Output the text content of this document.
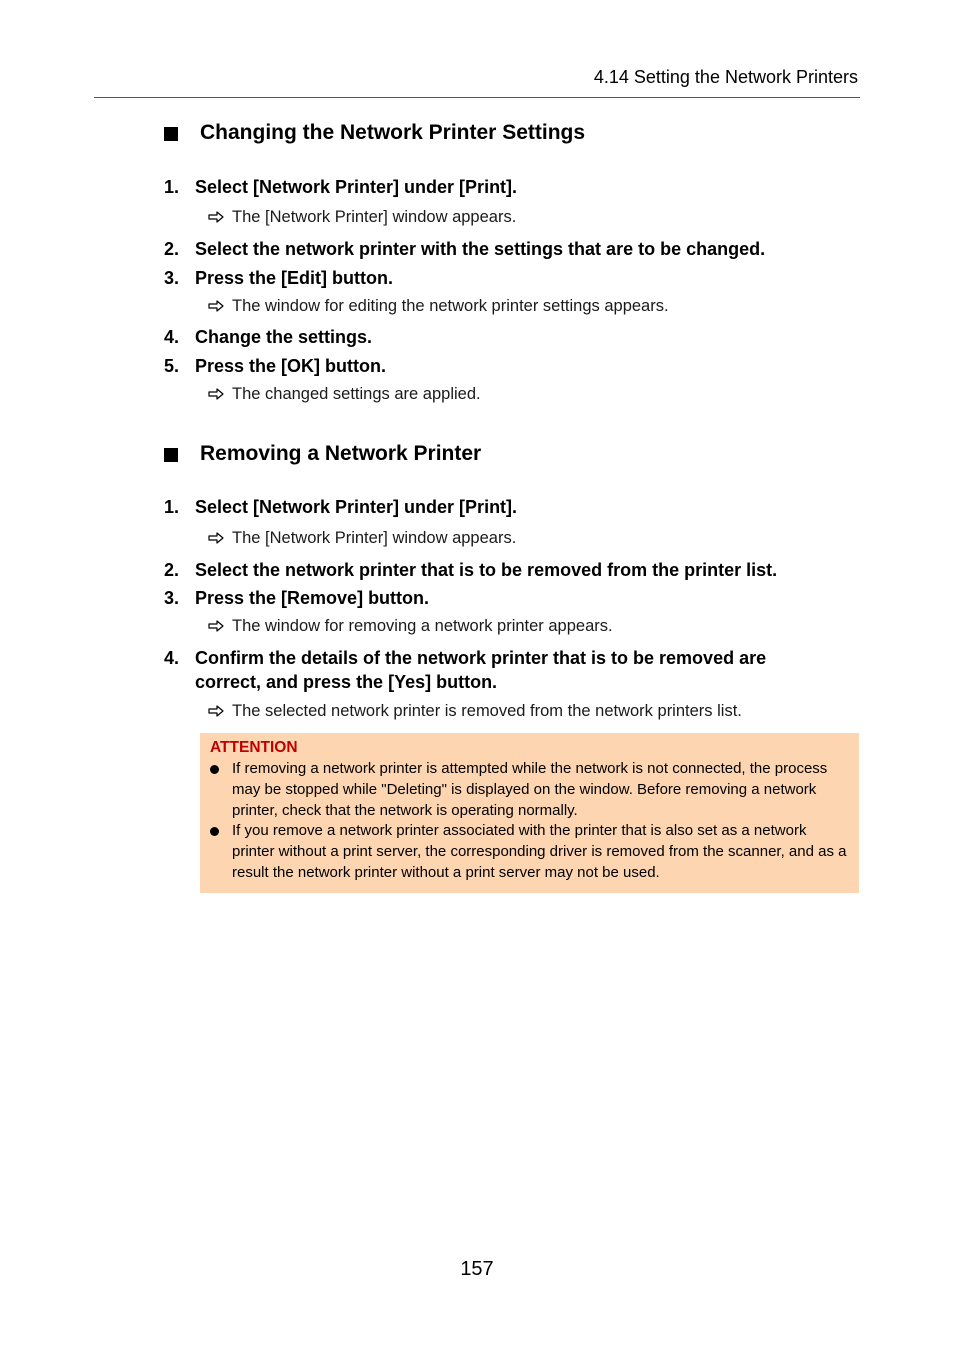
4.14 Setting the Network Printers
Changing the Network Printer Settings
1. Select [Network Printer] under [Print].
The [Network Printer] window appears.
2. Select the network printer with the settings that are to be changed.
3. Press the [Edit] button.
The window for editing the network printer settings appears.
4. Change the settings.
5. Press the [OK] button.
The changed settings are applied.
Removing a Network Printer
1. Select [Network Printer] under [Print].
The [Network Printer] window appears.
2. Select the network printer that is to be removed from the printer list.
3. Press the [Remove] button.
The window for removing a network printer appears.
4. Confirm the details of the network printer that is to be removed are correct, and press the [Yes] button.
The selected network printer is removed from the network printers list.
ATTENTION
If removing a network printer is attempted while the network is not connected, the process may be stopped while "Deleting" is displayed on the window. Before removing a network printer, check that the network is operating normally.
If you remove a network printer associated with the printer that is also set as a network printer without a print server, the corresponding driver is removed from the scanner, and as a result the network printer without a print server may not be used.
157
